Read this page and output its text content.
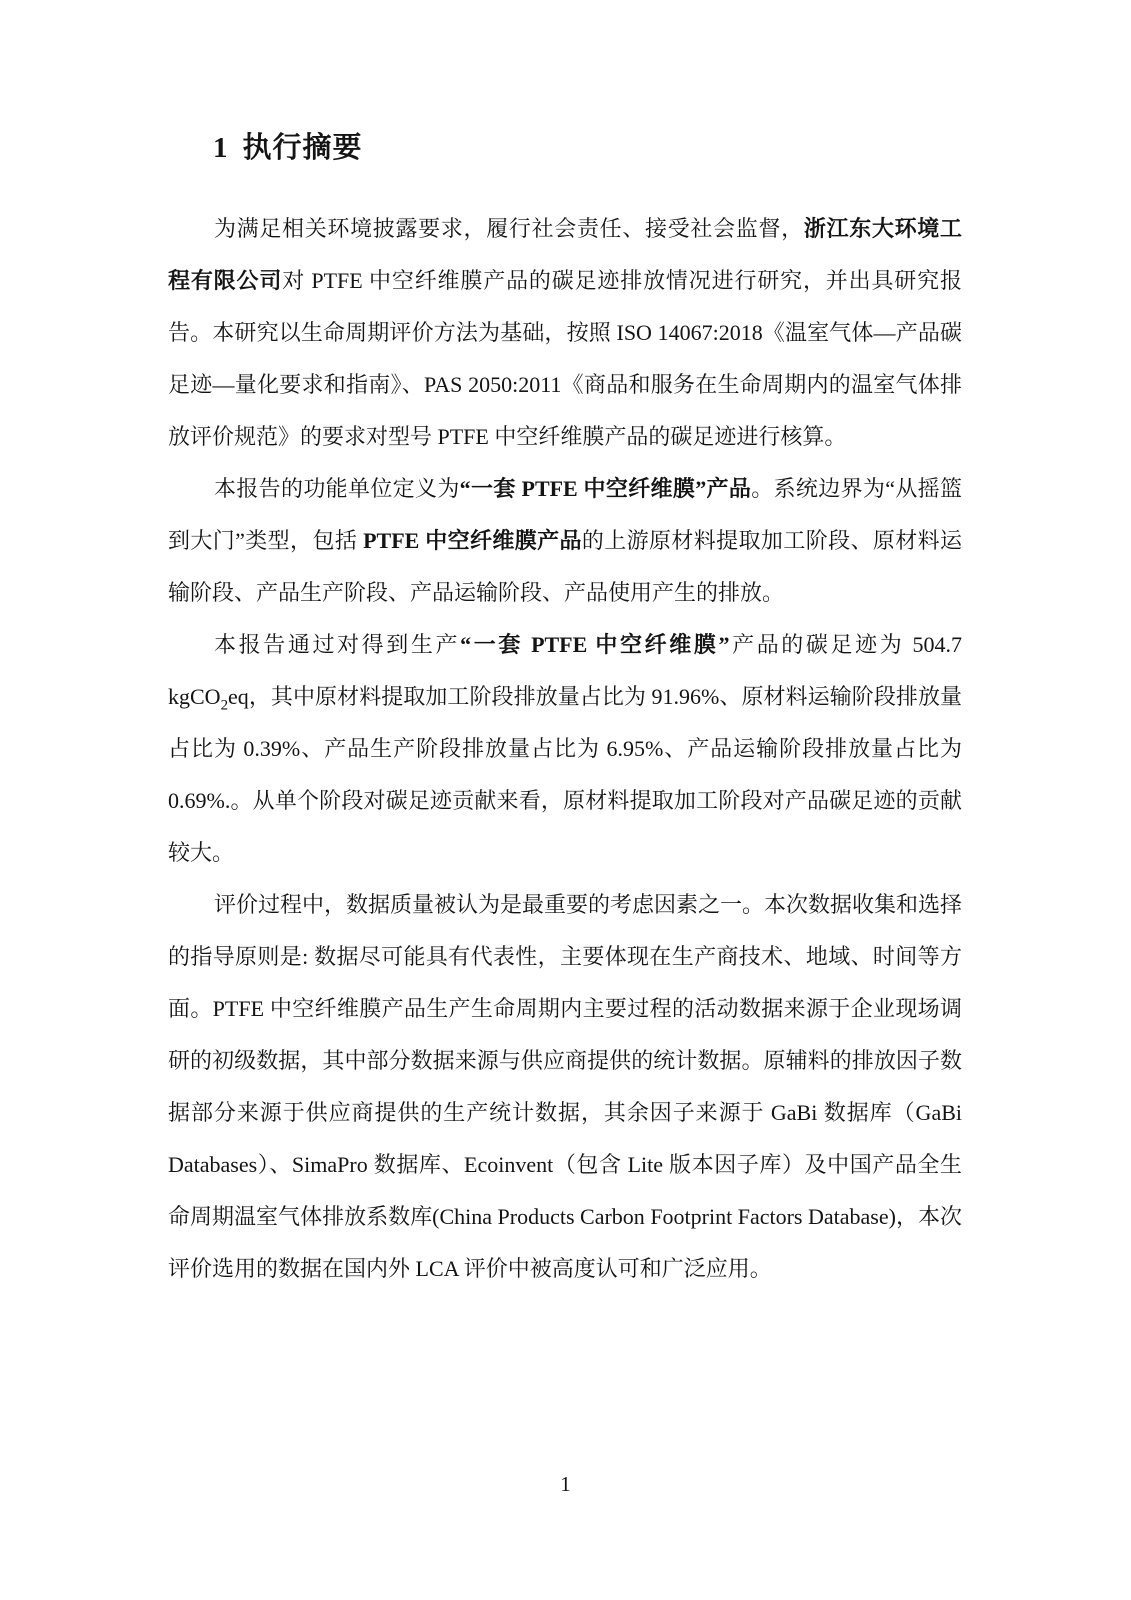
1 执行摘要

为满足相关环境披露要求，履行社会责任、接受社会监督，浙江东大环境工程有限公司对 PTFE 中空纤维膜产品的碳足迹排放情况进行研究，并出具研究报告。本研究以生命周期评价方法为基础，按照 ISO 14067:2018《温室气体—产品碳足迹—量化要求和指南》、PAS 2050:2011《商品和服务在生命周期内的温室气体排放评价规范》的要求对型号 PTFE 中空纤维膜产品的碳足迹进行核算。

本报告的功能单位定义为“一套 PTFE 中空纤维膜”产品。系统边界为“从摇篮到大门”类型，包括 PTFE 中空纤维膜产品的上游原材料提取加工阶段、原材料运输阶段、产品生产阶段、产品运输阶段、产品使用产生的排放。

本报告通过对得到生产“一套 PTFE 中空纤维膜”产品的碳足迹为 504.7 kgCO$_2$eq，其中原材料提取加工阶段排放量占比为 91.96%、原材料运输阶段排放量占比为 0.39%、产品生产阶段排放量占比为 6.95%、产品运输阶段排放量占比为 0.69%.。从单个阶段对碳足迹贡献来看，原材料提取加工阶段对产品碳足迹的贡献较大。

评价过程中，数据质量被认为是最重要的考虑因素之一。本次数据收集和选择的指导原则是: 数据尽可能具有代表性，主要体现在生产商技术、地域、时间等方面。PTFE 中空纤维膜产品生产生命周期内主要过程的活动数据来源于企业现场调研的初级数据，其中部分数据来源与供应商提供的统计数据。原辅料的排放因子数据部分来源于供应商提供的生产统计数据，其余因子来源于 GaBi 数据库（GaBi Databases）、SimaPro 数据库、Ecoinvent（包含 Lite 版本因子库）及中国产品全生命周期温室气体排放系数库(China Products Carbon Footprint Factors Database)，本次评价选用的数据在国内外 LCA 评价中被高度认可和广泛应用。

1
